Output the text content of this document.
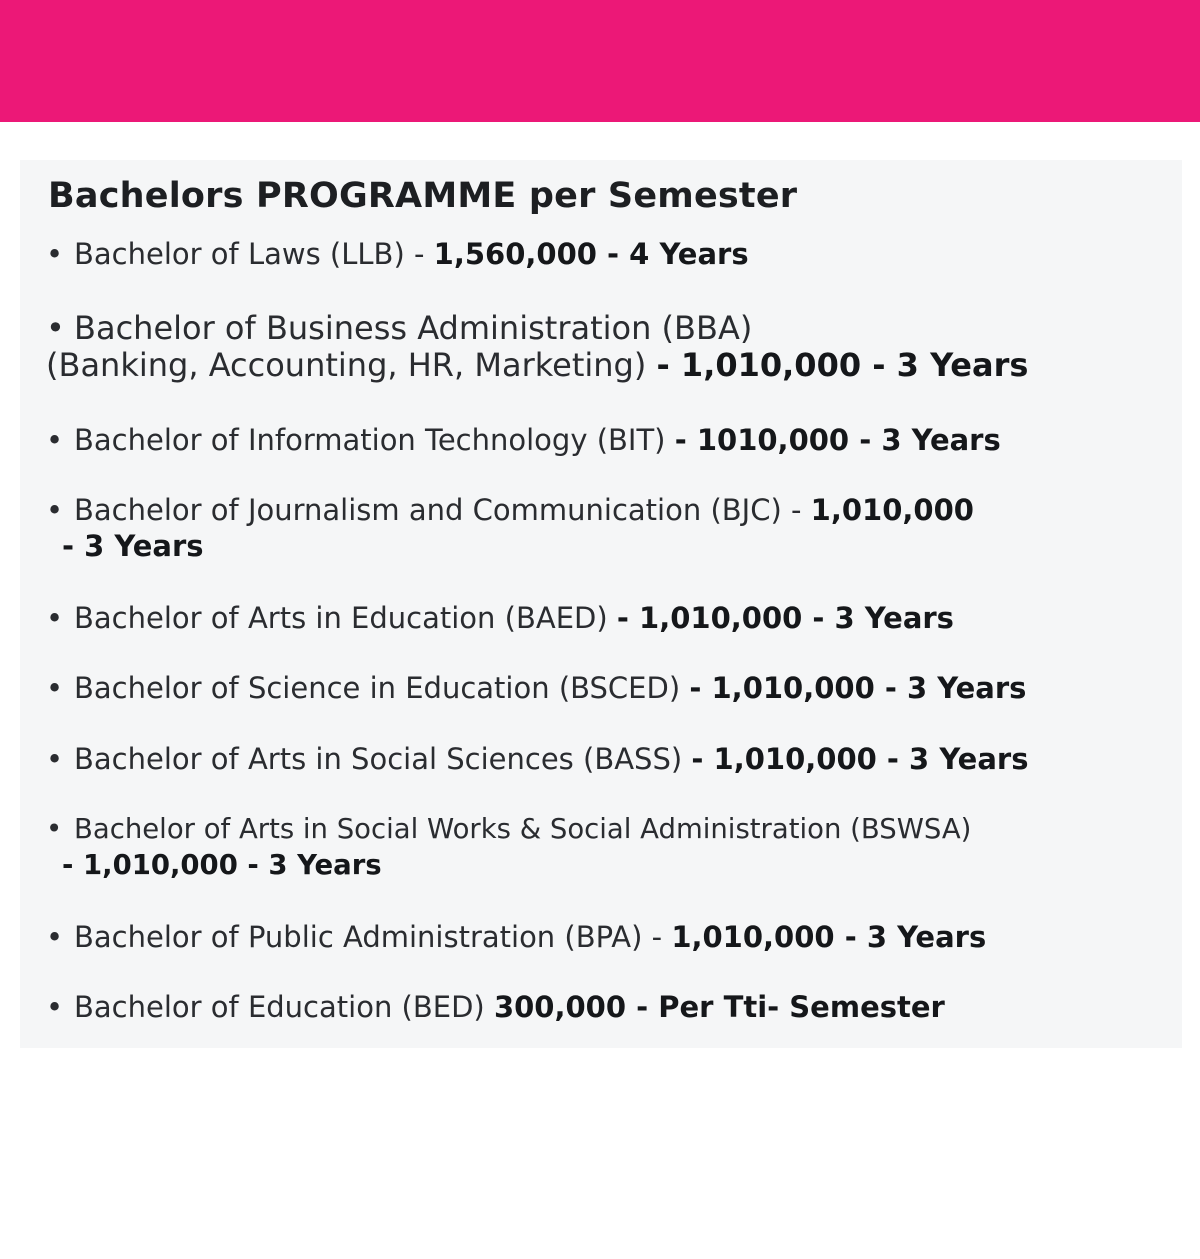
Bachelors PROGRAMME per Semester
• Bachelor of Laws (LLB) - 1,560,000 - 4 Years
• Bachelor of Business Administration (BBA)
(Banking, Accounting, HR, Marketing) - 1,010,000 - 3 Years
• Bachelor of Information Technology (BIT) - 1010,000 - 3 Years
• Bachelor of Journalism and Communication (BJC) - 1,010,000
- 3 Years
• Bachelor of Arts in Education (BAED) - 1,010,000 - 3 Years
• Bachelor of Science in Education (BSCED) - 1,010,000 - 3 Years
• Bachelor of Arts in Social Sciences (BASS) - 1,010,000 - 3 Years
• Bachelor of Arts in Social Works & Social Administration (BSWSA)
- 1,010,000 - 3 Years
• Bachelor of Public Administration (BPA) - 1,010,000 - 3 Years
• Bachelor of Education (BED) 300,000 - Per Tti- Semester
